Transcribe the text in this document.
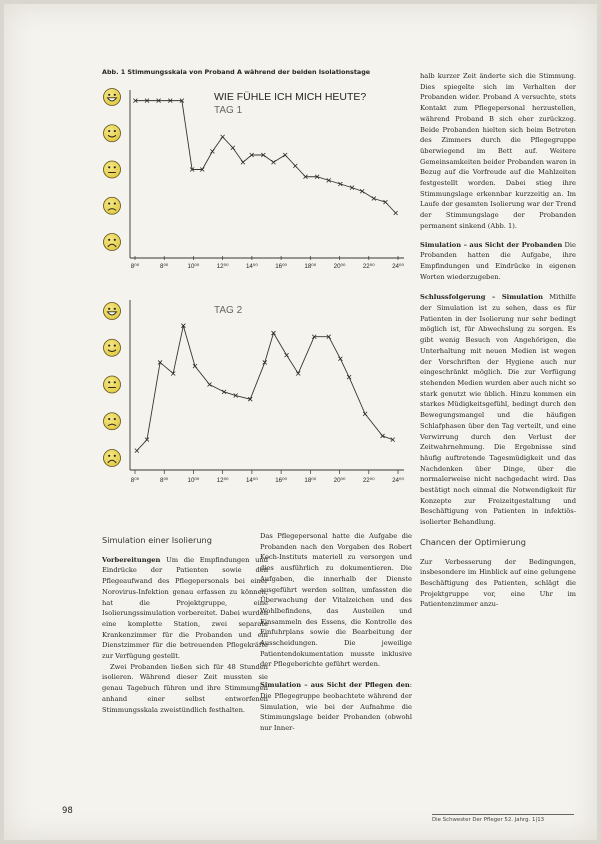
Abb. 1 Stimmungsskala von Proband A während der beiden Isolationstage
WIE FÜHLE ICH MICH HEUTE?
TAG 1
8⁰⁰	8⁰⁰	10⁰⁰	12⁰⁰	14⁰⁰	16⁰⁰	18⁰⁰	20⁰⁰	22⁰⁰	24⁰⁰
TAG 2
8⁰⁰	8⁰⁰	10⁰⁰	12⁰⁰	14⁰⁰	16⁰⁰	18⁰⁰	20⁰⁰	22⁰⁰	24⁰⁰
Simulation einer Isolierung

Vorbereitungen Um die Empfindungen und Eindrücke der Patienten sowie den Pflegeaufwand des Pflegepersonals bei einer Norovirus-Infektion genau erfassen zu können, hat die Projektgruppe, eine Isolierungssimulation vorbereitet. Dabei wurden eine komplette Station, zwei separate Krankenzimmer für die Probanden und ein Dienstzimmer für die betreuenden Pflegekräfte zur Verfügung gestellt.

Zwei Probanden ließen sich für 48 Stunden isolieren. Während dieser Zeit mussten sie genau Tagebuch führen und ihre Stimmungen anhand einer selbst entworfenen Stimmungsskala zweistündlich festhalten.

Das Pflegepersonal hatte die Aufgabe die Probanden nach den Vorgaben des Robert Koch-Instituts materiell zu versorgen und dies ausführlich zu dokumentieren. Die Aufgaben, die innerhalb der Dienste ausgeführt werden sollten, umfassten die Überwachung der Vitalzeichen und des Wohlbefindens, das Austeilen und Einsammeln des Essens, die Kontrolle des Einfuhrplans sowie die Bearbeitung der Ausscheidungen. Die jeweilige Patientendokumentation musste inklusive der Pflegeberichte geführt werden.

Simulation – aus Sicht der Pflegen den: Die Pflegegruppe beobachtete während der Simulation, wie bei der Aufnahme die Stimmungslage beider Probanden (obwohl nur Inner-

halb kurzer Zeit änderte sich die Stimmung. Dies spiegelte sich im Verhalten der Probanden wider. Proband A versuchte, stets Kontakt zum Pflegepersonal herzustellen, während Proband B sich eher zurückzog. Beide Probanden hielten sich beim Betreten des Zimmers durch die Pflegegruppe überwiegend im Bett auf. Weitere Gemeinsamkeiten beider Probanden waren in Bezug auf die Vorfreude auf die Mahlzeiten festgestellt worden. Dabei stieg ihre Stimmungslage erkennbar kurzzeitig an. Im Laufe der gesamten Isolierung war der Trend der Stimmungslage der Probanden permanent sinkend (Abb. 1).

Simulation – aus Sicht der Probanden Die Probanden hatten die Aufgabe, ihre Empfindungen und Eindrücke in eigenen Worten wiederzugeben.

Schlussfolgerung – Simulation Mithilfe der Simulation ist zu sehen, dass es für Patienten in der Isolierung nur sehr bedingt möglich ist, für Abwechslung zu sorgen. Es gibt wenig Besuch von Angehörigen, die Unterhaltung mit neuen Medien ist wegen der Vorschriften der Hygiene auch nur eingeschränkt möglich. Die zur Verfügung stehenden Medien wurden aber auch nicht so stark genutzt wie üblich. Hinzu kommen ein starkes Müdigkeitsgefühl, bedingt durch den Bewegungsmangel und die häufigen Schlafphasen über den Tag verteilt, und eine Verwirrung durch den Verlust der Zeitwahrnehmung. Die Ergebnisse sind häufig auftretende Tagesmüdigkeit und das Nachdenken über Dinge, über die normalerweise nicht nachgedacht wird. Das bestätigt noch einmal die Notwendigkeit für Konzepte zur Freizeitgestaltung und Beschäftigung von Patienten in infektiös-isolierter Behandlung.

Chancen der Optimierung

Zur Verbesserung der Bedingungen, insbesondere im Hinblick auf eine gelungene Beschäftigung des Patienten, schlägt die Projektgruppe vor, eine Uhr im Patientenzimmer anzu-

98
Die Schwester Der Pfleger 52. Jahrg. 1|13
